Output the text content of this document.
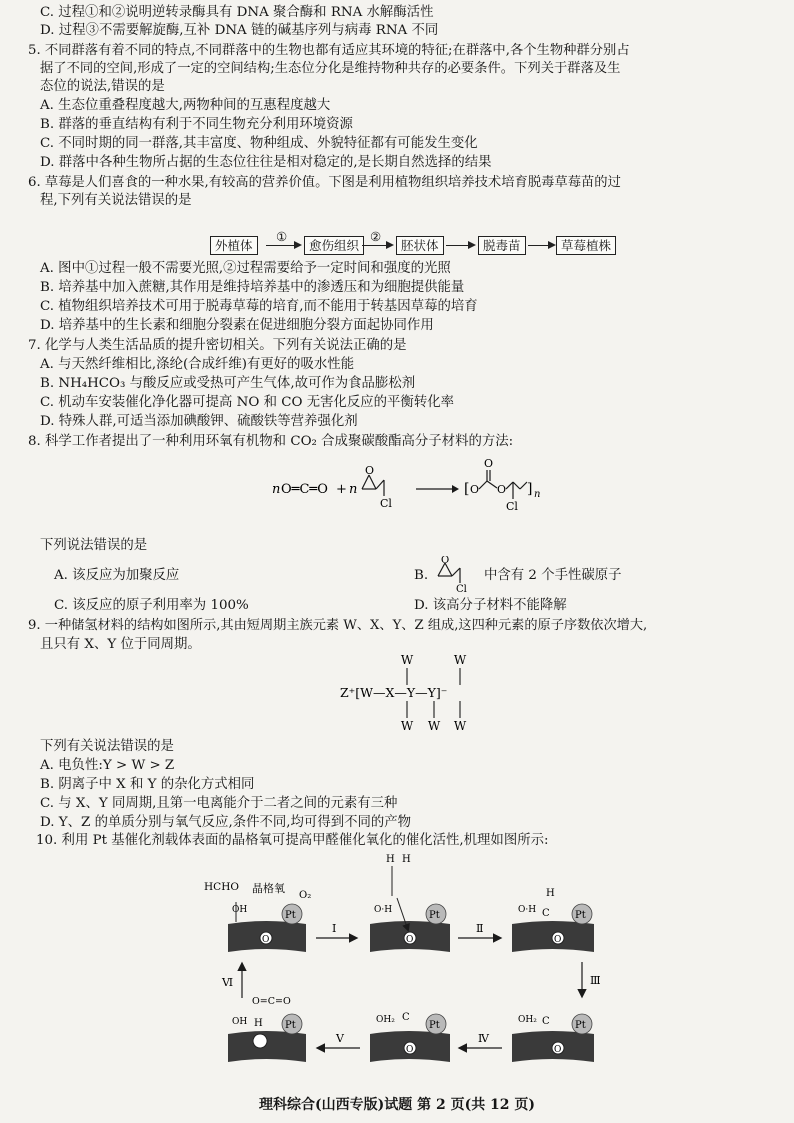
C. 过程①和②说明逆转录酶具有 DNA 聚合酶和 RNA 水解酶活性
D. 过程③不需要解旋酶,互补 DNA 链的碱基序列与病毒 RNA 不同
5. 不同群落有着不同的特点,不同群落中的生物也都有适应其环境的特征;在群落中,各个生物种群分别占
据了不同的空间,形成了一定的空间结构;生态位分化是维持物种共存的必要条件。下列关于群落及生
态位的说法,错误的是
A. 生态位重叠程度越大,两物种间的互惠程度越大
B. 群落的垂直结构有利于不同生物充分利用环境资源
C. 不同时期的同一群落,其丰富度、物种组成、外貌特征都有可能发生变化
D. 群落中各种生物所占据的生态位往往是相对稳定的,是长期自然选择的结果
6. 草莓是人们喜食的一种水果,有较高的营养价值。下图是利用植物组织培养技术培育脱毒草莓苗的过
程,下列有关说法错误的是
外植体
①
愈伤组织
②
胚状体	脱毒苗	草莓植株
A. 图中①过程一般不需要光照,②过程需要给予一定时间和强度的光照
B. 培养基中加入蔗糖,其作用是维持培养基中的渗透压和为细胞提供能量
C. 植物组织培养技术可用于脱毒草莓的培育,而不能用于转基因草莓的培育
D. 培养基中的生长素和细胞分裂素在促进细胞分裂方面起协同作用
7. 化学与人类生活品质的提升密切相关。下列有关说法正确的是
A. 与天然纤维相比,涤纶(合成纤维)有更好的吸水性能
B. NH₄HCO₃ 与酸反应或受热可产生气体,故可作为食品膨松剂
C. 机动车安装催化净化器可提高 NO 和 CO 无害化反应的平衡转化率
D. 特殊人群,可适当添加碘酸钾、硫酸铁等营养强化剂
8. 科学工作者提出了一种利用环氧有机物和 CO₂ 合成聚碳酸酯高分子材料的方法:
n O═C═O + n
O
Cl
[ O
O
O
Cl
] n
下列说法错误的是
A. 该反应为加聚反应	B.
O
Cl
中含有 2 个手性碳原子
C. 该反应的原子利用率为 100%	D. 该高分子材料不能降解
9. 一种储氢材料的结构如图所示,其由短周期主族元素 W、X、Y、Z 组成,这四种元素的原子序数依次增大,
且只有 X、Y 位于同周期。
W	W
W W W
Z⁺[W—X—Y—Y]⁻
下列有关说法错误的是
A. 电负性:Y > W > Z
B. 阴离子中 X 和 Y 的杂化方式相同
C. 与 X、Y 同周期,且第一电离能介于二者之间的元素有三种
D. Y、Z 的单质分别与氧气反应,条件不同,均可得到不同的产物
10. 利用 Pt 基催化剂载体表面的晶格氧可提高甲醛催化氧化的催化活性,机理如图所示:
Pt
O
HCHO 晶格氧
O₂
OH
Ⅰ
Pt
O
H H
O·H
Ⅱ
Pt
O
H
C
O·H
Ⅲ
Pt
O
C
OH₂
Ⅳ
Pt
O
C
OH₂
Ⅴ
Pt
O=C=O
H
OH
Ⅵ
理科综合(山西专版)试题 第 2 页(共 12 页)
